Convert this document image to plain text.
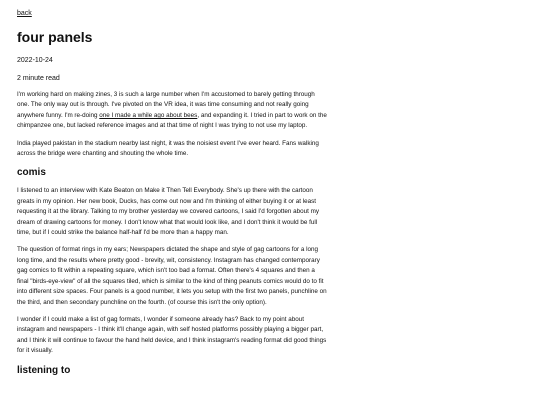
back
four panels
2022-10-24
2 minute read

I'm working hard on making zines, 3 is such a large number when I'm accustomed to barely getting through one. The only way out is through. I've pivoted on the VR idea, it was time consuming and not really going anywhere funny. I'm re-doing one I made a while ago about bees, and expanding it. I tried in part to work on the chimpanzee one, but lacked reference images and at that time of night I was trying to not use my laptop.

India played pakistan in the stadium nearby last night, it was the noisiest event I've ever heard. Fans walking across the bridge were chanting and shouting the whole time.

comis

I listened to an interview with Kate Beaton on Make it Then Tell Everybody. She's up there with the cartoon greats in my opinion. Her new book, Ducks, has come out now and I'm thinking of either buying it or at least requesting it at the library. Talking to my brother yesterday we covered cartoons, I said I'd forgotten about my dream of drawing cartoons for money. I don't know what that would look like, and I don't think it would be full time, but if I could strike the balance half-half I'd be more than a happy man.

The question of format rings in my ears; Newspapers dictated the shape and style of gag cartoons for a long long time, and the results where pretty good - brevity, wit, consistency. Instagram has changed contemporary gag comics to fit within a repeating square, which isn't too bad a format. Often there's 4 squares and then a final "birds-eye-view" of all the squares tiled, which is similar to the kind of thing peanuts comics would do to fit into different size spaces. Four panels is a good number, it lets you setup with the first two panels, punchline on the third, and then secondary punchline on the fourth. (of course this isn't the only option).

I wonder if I could make a list of gag formats, I wonder if someone already has? Back to my point about instagram and newspapers - I think it'll change again, with self hosted platforms possibly playing a bigger part, and I think it will continue to favour the hand held device, and I think instagram's reading format did good things for it visually.

listening to
